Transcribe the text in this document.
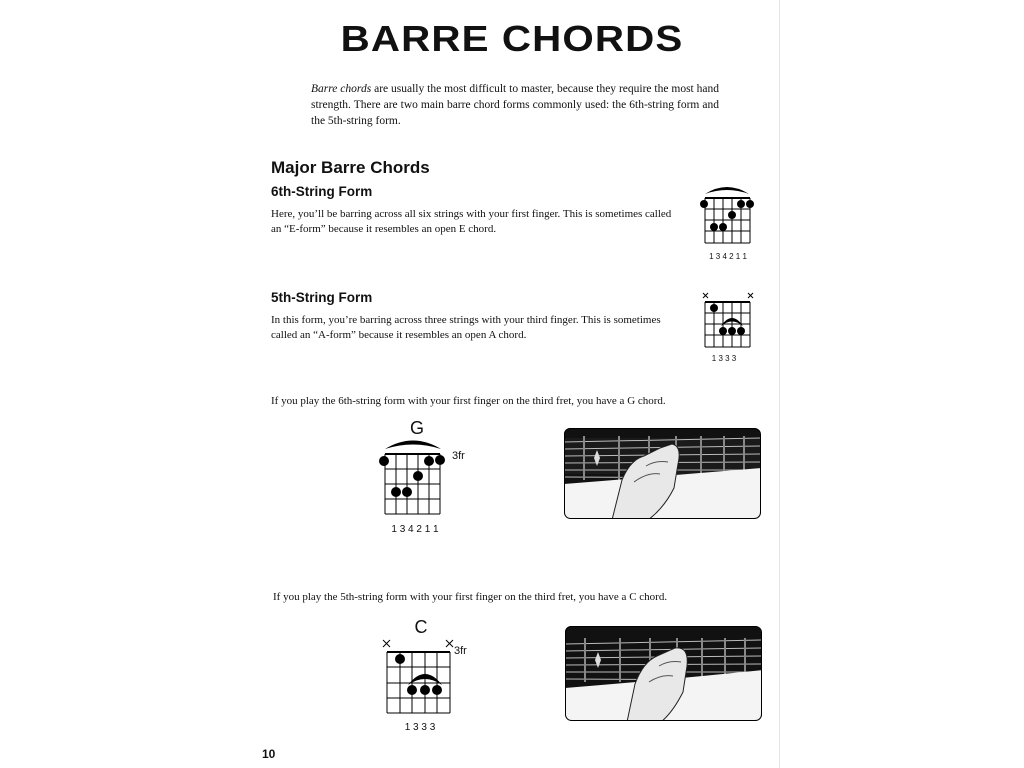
BARRE CHORDS
Barre chords are usually the most difficult to master, because they require the most hand strength. There are two main barre chord forms commonly used: the 6th-string form and the 5th-string form.
Major Barre Chords
6th-String Form
Here, you’ll be barring across all six strings with your first finger. This is sometimes called an “E-form” because it resembles an open E chord.
1 3 4 2 1 1
5th-String Form
In this form, you’re barring across three strings with your third finger. This is sometimes called an “A-form” because it resembles an open A chord.
1 3 3 3
If you play the 6th-string form with your first finger on the third fret, you have a G chord.
G
3fr
1 3 4 2 1 1
If you play the 5th-string form with your first finger on the third fret, you have a C chord.
C
3fr
1 3 3 3
10
